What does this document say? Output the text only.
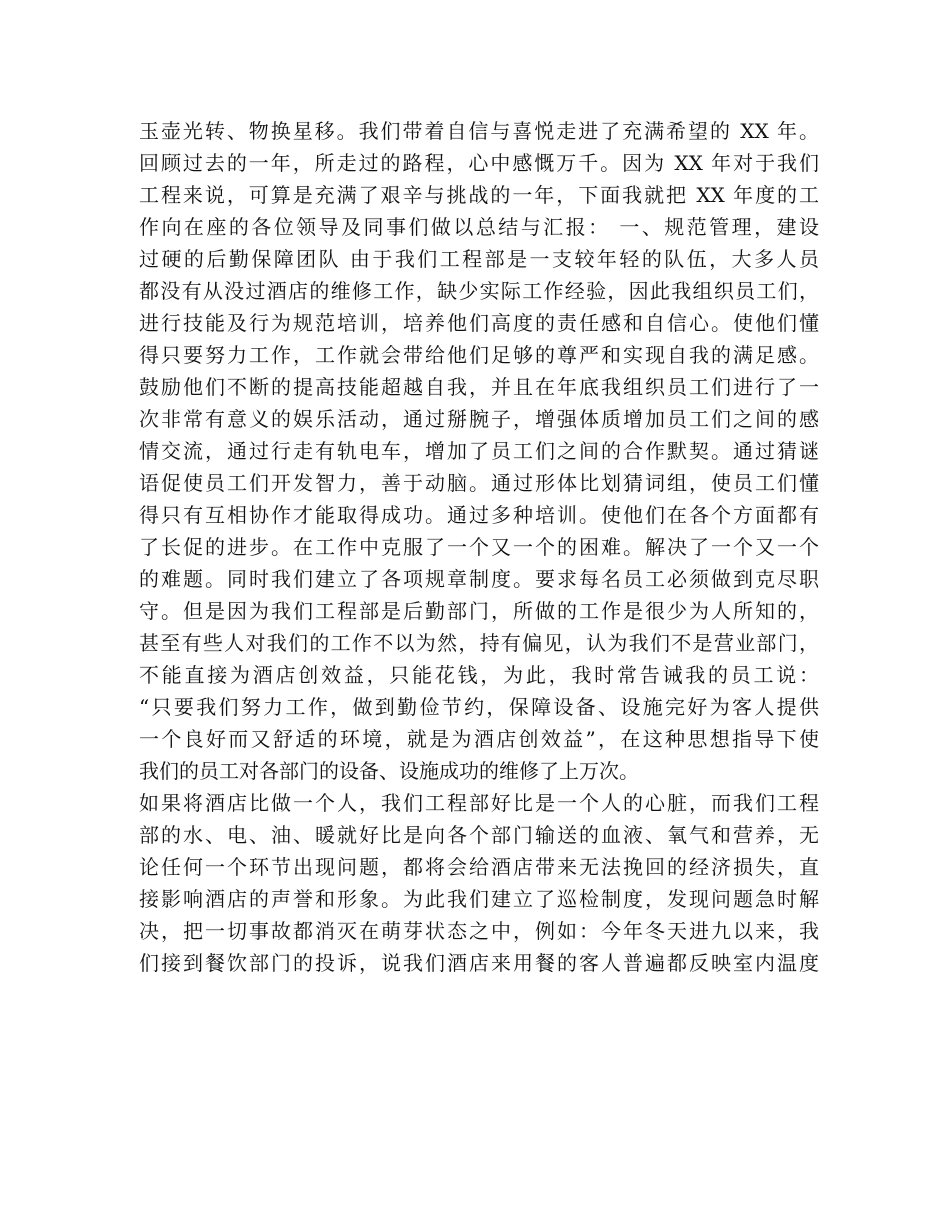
玉壶光转、物换星移。我们带着自信与喜悦走进了充满希望的 XX 年。
回顾过去的一年，所走过的路程，心中感慨万千。因为 XX 年对于我们
工程来说，可算是充满了艰辛与挑战的一年，下面我就把 XX 年度的工
作向在座的各位领导及同事们做以总结与汇报： 一、规范管理，建设
过硬的后勤保障团队 由于我们工程部是一支较年轻的队伍，大多人员
都没有从没过酒店的维修工作，缺少实际工作经验，因此我组织员工们，
进行技能及行为规范培训，培养他们高度的责任感和自信心。使他们懂
得只要努力工作，工作就会带给他们足够的尊严和实现自我的满足感。
鼓励他们不断的提高技能超越自我，并且在年底我组织员工们进行了一
次非常有意义的娱乐活动，通过掰腕子，增强体质增加员工们之间的感
情交流，通过行走有轨电车，增加了员工们之间的合作默契。通过猜谜
语促使员工们开发智力，善于动脑。通过形体比划猜词组，使员工们懂
得只有互相协作才能取得成功。通过多种培训。使他们在各个方面都有
了长促的进步。在工作中克服了一个又一个的困难。解决了一个又一个
的难题。同时我们建立了各项规章制度。要求每名员工必须做到克尽职
守。但是因为我们工程部是后勤部门，所做的工作是很少为人所知的，
甚至有些人对我们的工作不以为然，持有偏见，认为我们不是营业部门，
不能直接为酒店创效益，只能花钱，为此，我时常告诫我的员工说：
“只要我们努力工作，做到勤俭节约，保障设备、设施完好为客人提供
一个良好而又舒适的环境，就是为酒店创效益”，在这种思想指导下使
我们的员工对各部门的设备、设施成功的维修了上万次。
如果将酒店比做一个人，我们工程部好比是一个人的心脏，而我们工程
部的水、电、油、暖就好比是向各个部门输送的血液、氧气和营养，无
论任何一个环节出现问题，都将会给酒店带来无法挽回的经济损失，直
接影响酒店的声誉和形象。为此我们建立了巡检制度，发现问题急时解
决，把一切事故都消灭在萌芽状态之中，例如：今年冬天进九以来，我
们接到餐饮部门的投诉，说我们酒店来用餐的客人普遍都反映室内温度
